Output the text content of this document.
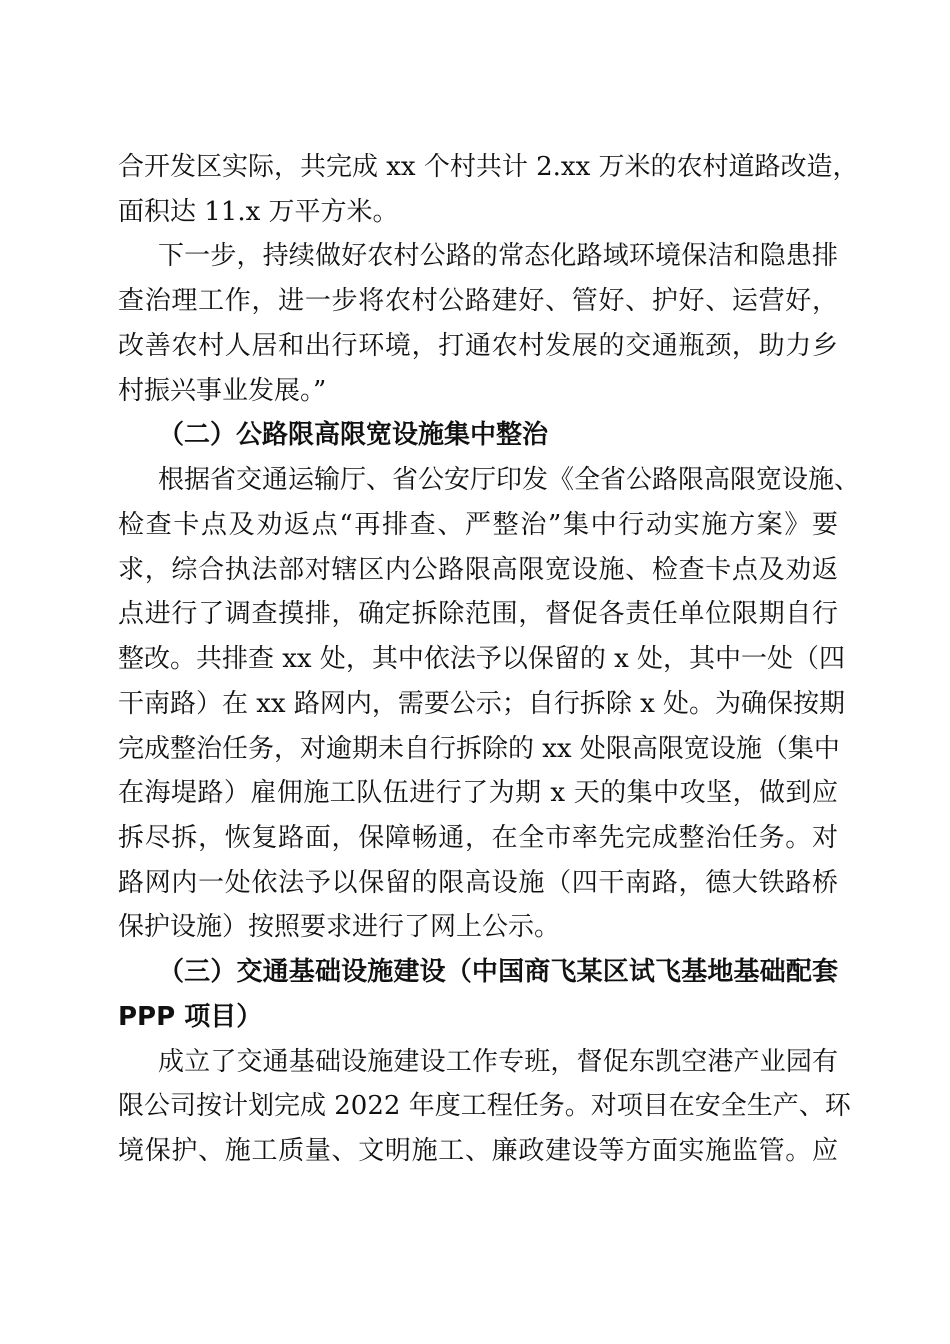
合开发区实际，共完成 xx 个村共计 2.xx 万米的农村道路改造，
面积达 11.x 万平方米。
下一步，持续做好农村公路的常态化路域环境保洁和隐患排
查治理工作，进一步将农村公路建好、管好、护好、运营好，
改善农村人居和出行环境，打通农村发展的交通瓶颈，助力乡
村振兴事业发展。”
（二）公路限高限宽设施集中整治
根据省交通运输厅、省公安厅印发《全省公路限高限宽设施、
检查卡点及劝返点“再排查、严整治”集中行动实施方案》要
求，综合执法部对辖区内公路限高限宽设施、检查卡点及劝返
点进行了调查摸排，确定拆除范围，督促各责任单位限期自行
整改。共排查 xx 处，其中依法予以保留的 x 处，其中一处（四
干南路）在 xx 路网内，需要公示；自行拆除 x 处。为确保按期
完成整治任务，对逾期未自行拆除的 xx 处限高限宽设施（集中
在海堤路）雇佣施工队伍进行了为期 x 天的集中攻坚，做到应
拆尽拆，恢复路面，保障畅通，在全市率先完成整治任务。对
路网内一处依法予以保留的限高设施（四干南路，德大铁路桥
保护设施）按照要求进行了网上公示。
（三）交通基础设施建设（中国商飞某区试飞基地基础配套
PPP 项目）
成立了交通基础设施建设工作专班，督促东凯空港产业园有
限公司按计划完成 2022 年度工程任务。对项目在安全生产、环
境保护、施工质量、文明施工、廉政建设等方面实施监管。应
